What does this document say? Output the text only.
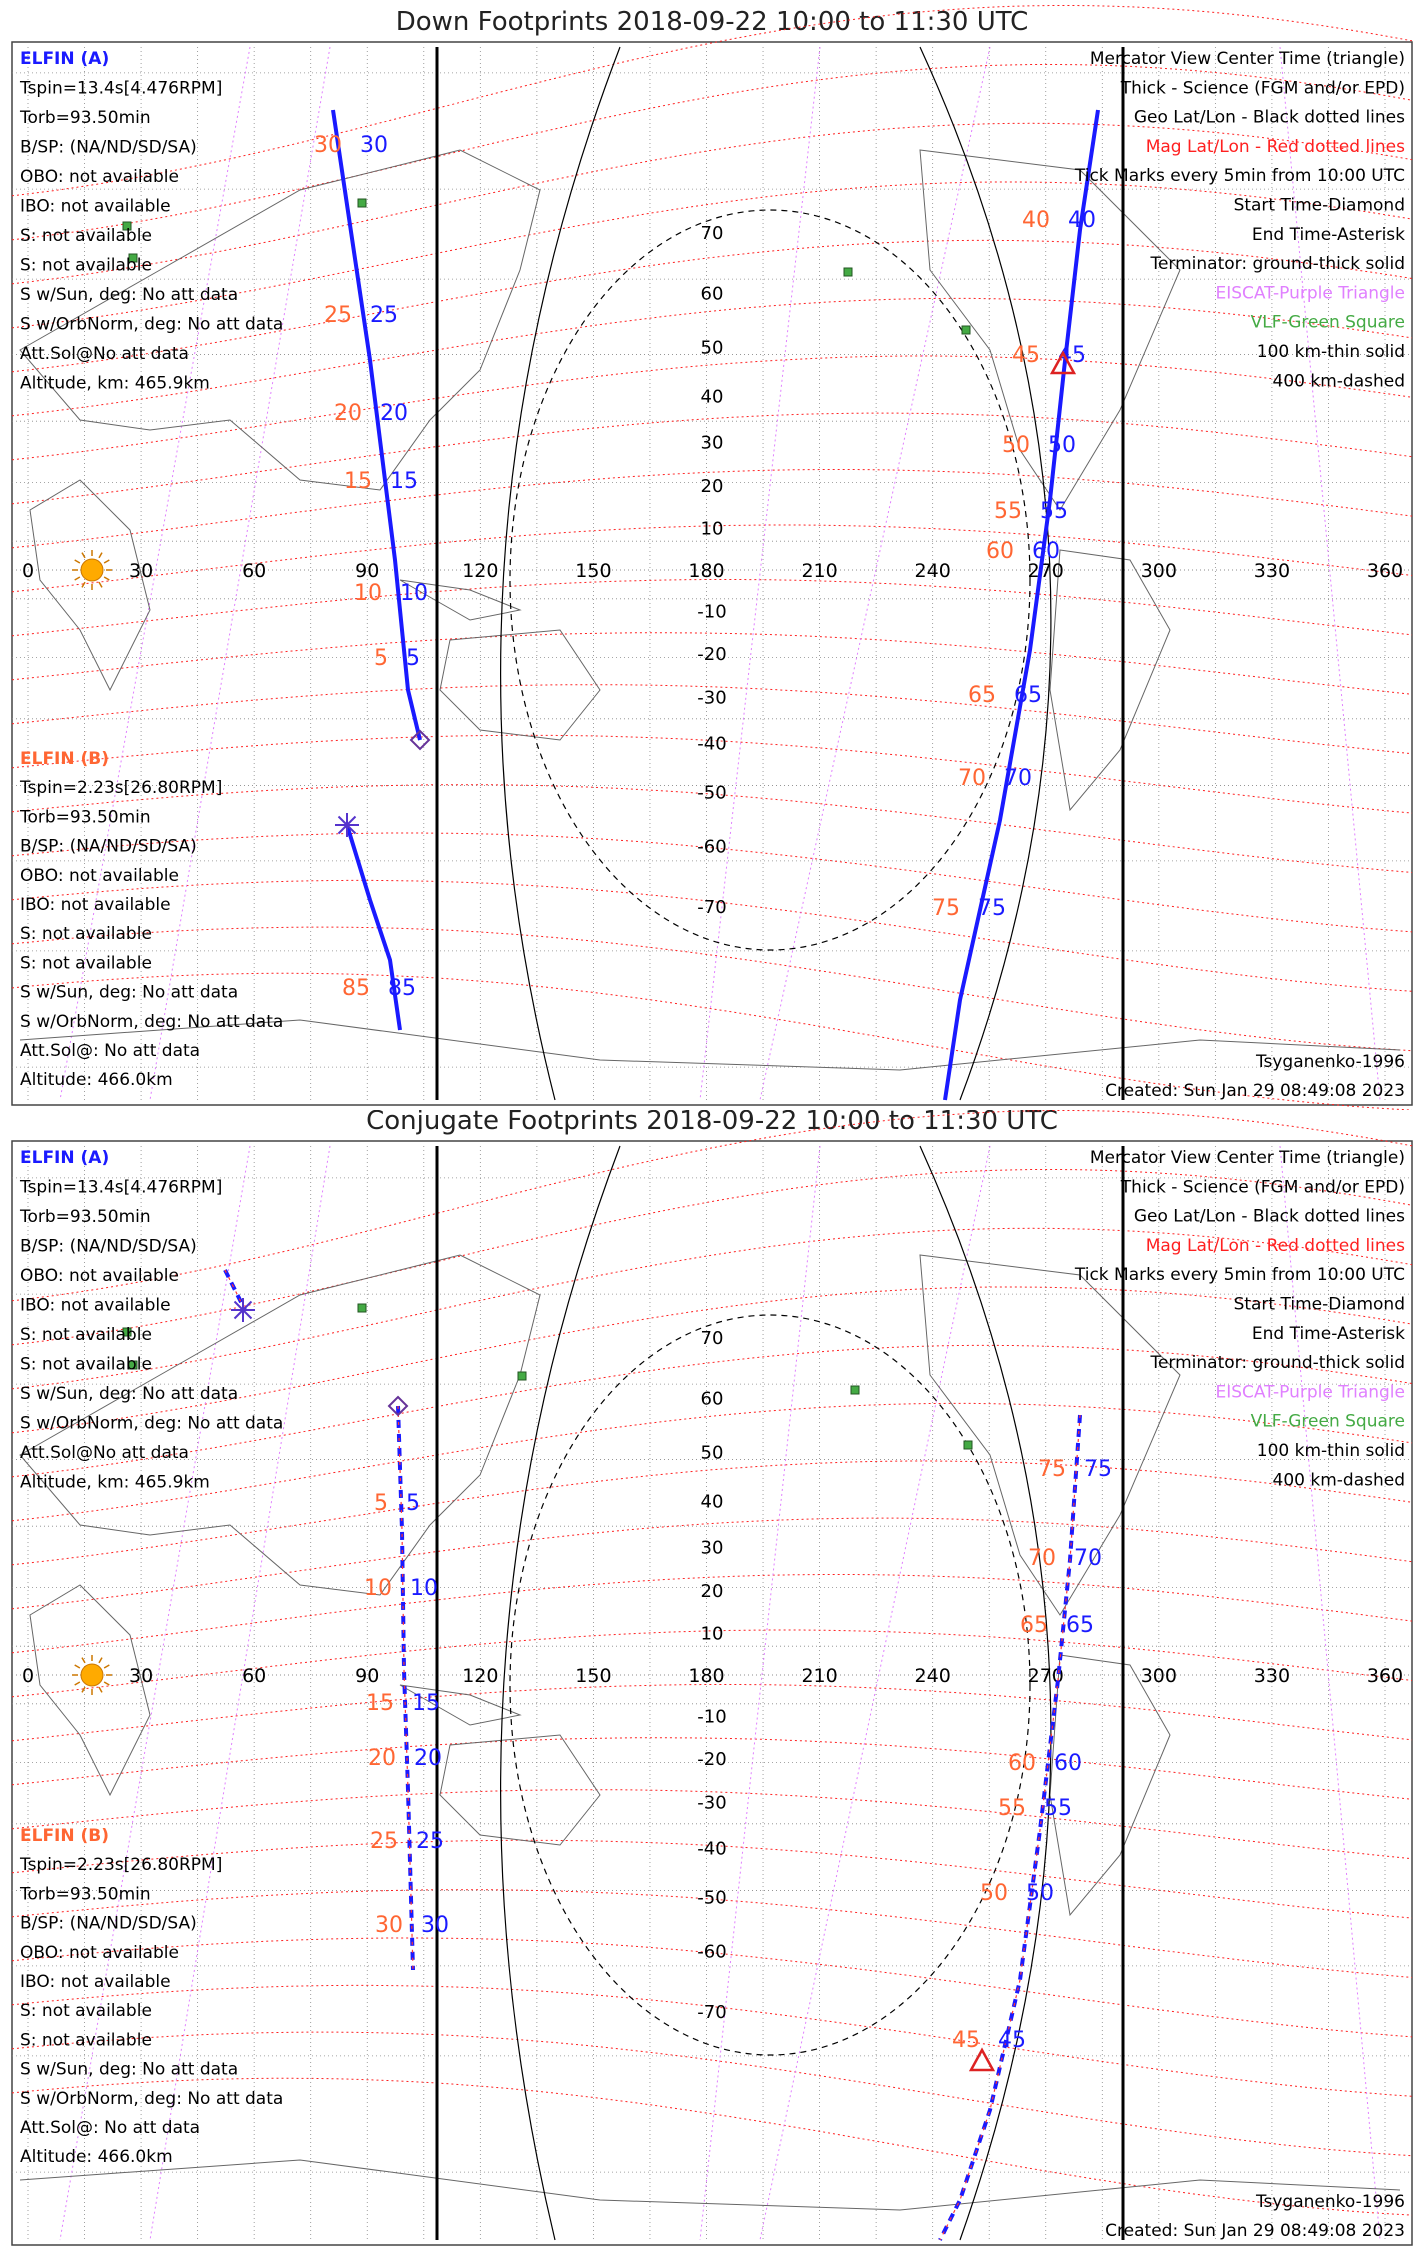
Down Footprints 2018-09-22 10:00 to 11:30 UTC
0	30	60	90	120	150	180	210	240	270	300	330	360
70
60
50
40
30
20
10
-10
-20
-30
-40
-50
-60
-70
30 30
25 25
20 20
15 15
10 10
5 5
40 40
45 45
50 50
55 55
60 60
65 65
70 70
75 75
85 85
ELFIN (A)
Tspin=13.4s[4.476RPM]
Torb=93.50min
B/SP: (NA/ND/SD/SA)
OBO: not available
IBO: not available
S: not available
S: not available
S w/Sun, deg: No att data
S w/OrbNorm, deg: No att data
Att.Sol@No att data
Altitude, km: 465.9km
ELFIN (B)
Tspin=2.23s[26.80RPM]
Torb=93.50min
B/SP: (NA/ND/SD/SA)
OBO: not available
IBO: not available
S: not available
S: not available
S w/Sun, deg: No att data
S w/OrbNorm, deg: No att data
Att.Sol@: No att data
Altitude: 466.0km
Mercator View Center Time (triangle)
Thick - Science (FGM and/or EPD)
Geo Lat/Lon - Black dotted lines
Mag Lat/Lon - Red dotted lines
Tick Marks every 5min from 10:00 UTC
Start Time-Diamond
End Time-Asterisk
Terminator: ground-thick solid
EISCAT-Purple Triangle
VLF-Green Square
100 km-thin solid
400 km-dashed
Tsyganenko-1996
Created: Sun Jan 29 08:49:08 2023
Conjugate Footprints 2018-09-22 10:00 to 11:30 UTC
0	30	60	90	120	150	180	210	240	270	300	330	360
70
60
50
40
30
20
10
-10
-20
-30
-40
-50
-60
-70
5 5
10 10
15 15
20 20
25 25
30 30
75 75
70 70
65 65
60 60
55 55
50 50
45 45
ELFIN (A)
Tspin=13.4s[4.476RPM]
Torb=93.50min
B/SP: (NA/ND/SD/SA)
OBO: not available
IBO: not available
S: not available
S: not available
S w/Sun, deg: No att data
S w/OrbNorm, deg: No att data
Att.Sol@No att data
Altitude, km: 465.9km
ELFIN (B)
Tspin=2.23s[26.80RPM]
Torb=93.50min
B/SP: (NA/ND/SD/SA)
OBO: not available
IBO: not available
S: not available
S: not available
S w/Sun, deg: No att data
S w/OrbNorm, deg: No att data
Att.Sol@: No att data
Altitude: 466.0km
Mercator View Center Time (triangle)
Thick - Science (FGM and/or EPD)
Geo Lat/Lon - Black dotted lines
Mag Lat/Lon - Red dotted lines
Tick Marks every 5min from 10:00 UTC
Start Time-Diamond
End Time-Asterisk
Terminator: ground-thick solid
EISCAT-Purple Triangle
VLF-Green Square
100 km-thin solid
400 km-dashed
Tsyganenko-1996
Created: Sun Jan 29 08:49:08 2023
